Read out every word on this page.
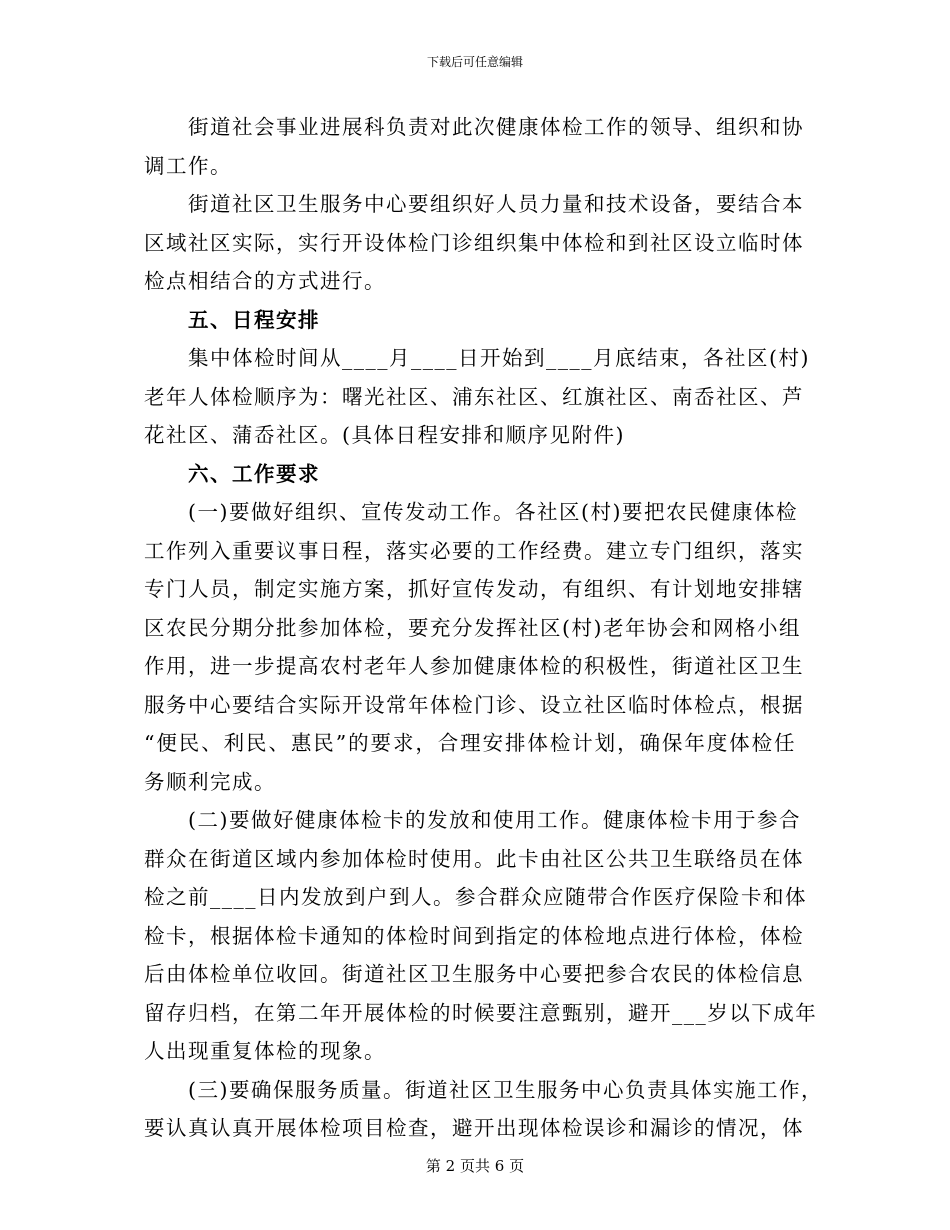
下载后可任意编辑
　　街道社会事业进展科负责对此次健康体检工作的领导、组织和协
调工作。
　　街道社区卫生服务中心要组织好人员力量和技术设备，要结合本
区域社区实际，实行开设体检门诊组织集中体检和到社区设立临时体
检点相结合的方式进行。
　　五、日程安排
　　集中体检时间从____月____日开始到____月底结束，各社区(村)
老年人体检顺序为：曙光社区、浦东社区、红旗社区、南岙社区、芦
花社区、蒲岙社区。(具体日程安排和顺序见附件)
　　六、工作要求
　　(一)要做好组织、宣传发动工作。各社区(村)要把农民健康体检
工作列入重要议事日程，落实必要的工作经费。建立专门组织，落实
专门人员，制定实施方案，抓好宣传发动，有组织、有计划地安排辖
区农民分期分批参加体检，要充分发挥社区(村)老年协会和网格小组
作用，进一步提高农村老年人参加健康体检的积极性，街道社区卫生
服务中心要结合实际开设常年体检门诊、设立社区临时体检点，根据
“便民、利民、惠民”的要求，合理安排体检计划，确保年度体检任
务顺利完成。
　　(二)要做好健康体检卡的发放和使用工作。健康体检卡用于参合
群众在街道区域内参加体检时使用。此卡由社区公共卫生联络员在体
检之前____日内发放到户到人。参合群众应随带合作医疗保险卡和体
检卡，根据体检卡通知的体检时间到指定的体检地点进行体检，体检
后由体检单位收回。街道社区卫生服务中心要把参合农民的体检信息
留存归档，在第二年开展体检的时候要注意甄别，避开___岁以下成年
人出现重复体检的现象。
　　(三)要确保服务质量。街道社区卫生服务中心负责具体实施工作，
要认真认真开展体检项目检查，避开出现体检误诊和漏诊的情况，体
第 2 页共 6 页
